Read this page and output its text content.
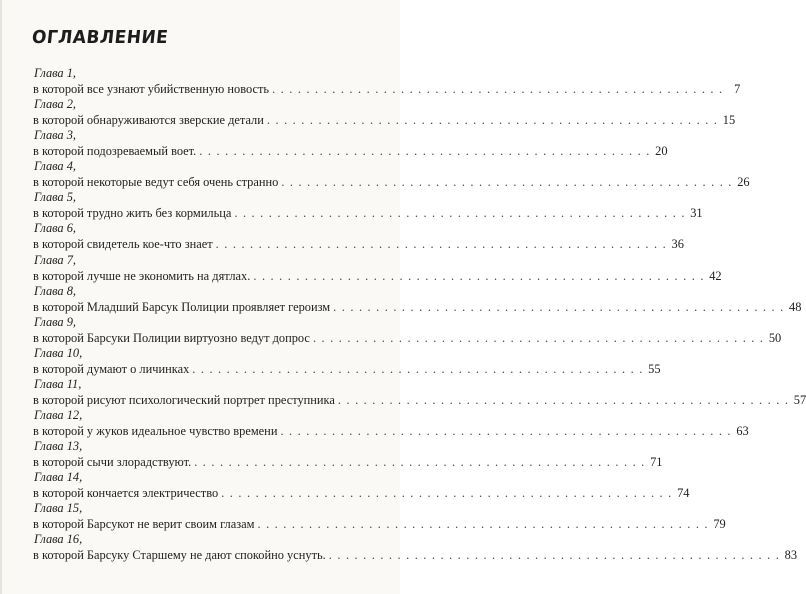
ОГЛАВЛЕНИЕ
Глава 1,
в которой все узнают убийственную новость . . . . . . . . . . . . . . . . . . . . . . . . . . . . . . . . . . . . . . . . . . . . . . . . . . . . . 7
Глава 2,
в которой обнаруживаются зверские детали . . . . . . . . . . . . . . . . . . . . . . . . . . . . . . . . . . . . . . . . . . . . . . . . . . . . . 15
Глава 3,
в которой подозреваемый воет. . . . . . . . . . . . . . . . . . . . . . . . . . . . . . . . . . . . . . . . . . . . . . . . . . . . . . 20
Глава 4,
в которой некоторые ведут себя очень странно . . . . . . . . . . . . . . . . . . . . . . . . . . . . . . . . . . . . . . . . . . . . . . . . . . . . . 26
Глава 5,
в которой трудно жить без кормильца . . . . . . . . . . . . . . . . . . . . . . . . . . . . . . . . . . . . . . . . . . . . . . . . . . . . . 31
Глава 6,
в которой свидетель кое-что знает . . . . . . . . . . . . . . . . . . . . . . . . . . . . . . . . . . . . . . . . . . . . . . . . . . . . . 36
Глава 7,
в которой лучше не экономить на дятлах. . . . . . . . . . . . . . . . . . . . . . . . . . . . . . . . . . . . . . . . . . . . . . . . . . . . . . 42
Глава 8,
в которой Младший Барсук Полиции проявляет героизм . . . . . . . . . . . . . . . . . . . . . . . . . . . . . . . . . . . . . . . . . . . . . . . . . . . . . 48
Глава 9,
в которой Барсуки Полиции виртуозно ведут допрос . . . . . . . . . . . . . . . . . . . . . . . . . . . . . . . . . . . . . . . . . . . . . . . . . . . . . 50
Глава 10,
в которой думают о личинках . . . . . . . . . . . . . . . . . . . . . . . . . . . . . . . . . . . . . . . . . . . . . . . . . . . . . 55
Глава 11,
в которой рисуют психологический портрет преступника . . . . . . . . . . . . . . . . . . . . . . . . . . . . . . . . . . . . . . . . . . . . . . . . . . . . . 57
Глава 12,
в которой у жуков идеальное чувство времени . . . . . . . . . . . . . . . . . . . . . . . . . . . . . . . . . . . . . . . . . . . . . . . . . . . . . 63
Глава 13,
в которой сычи злорадствуют. . . . . . . . . . . . . . . . . . . . . . . . . . . . . . . . . . . . . . . . . . . . . . . . . . . . . . 71
Глава 14,
в которой кончается электричество . . . . . . . . . . . . . . . . . . . . . . . . . . . . . . . . . . . . . . . . . . . . . . . . . . . . . 74
Глава 15,
в которой Барсукот не верит своим глазам . . . . . . . . . . . . . . . . . . . . . . . . . . . . . . . . . . . . . . . . . . . . . . . . . . . . . 79
Глава 16,
в которой Барсуку Старшему не дают спокойно уснуть. . . . . . . . . . . . . . . . . . . . . . . . . . . . . . . . . . . . . . . . . . . . . . . . . . . . . . 83
